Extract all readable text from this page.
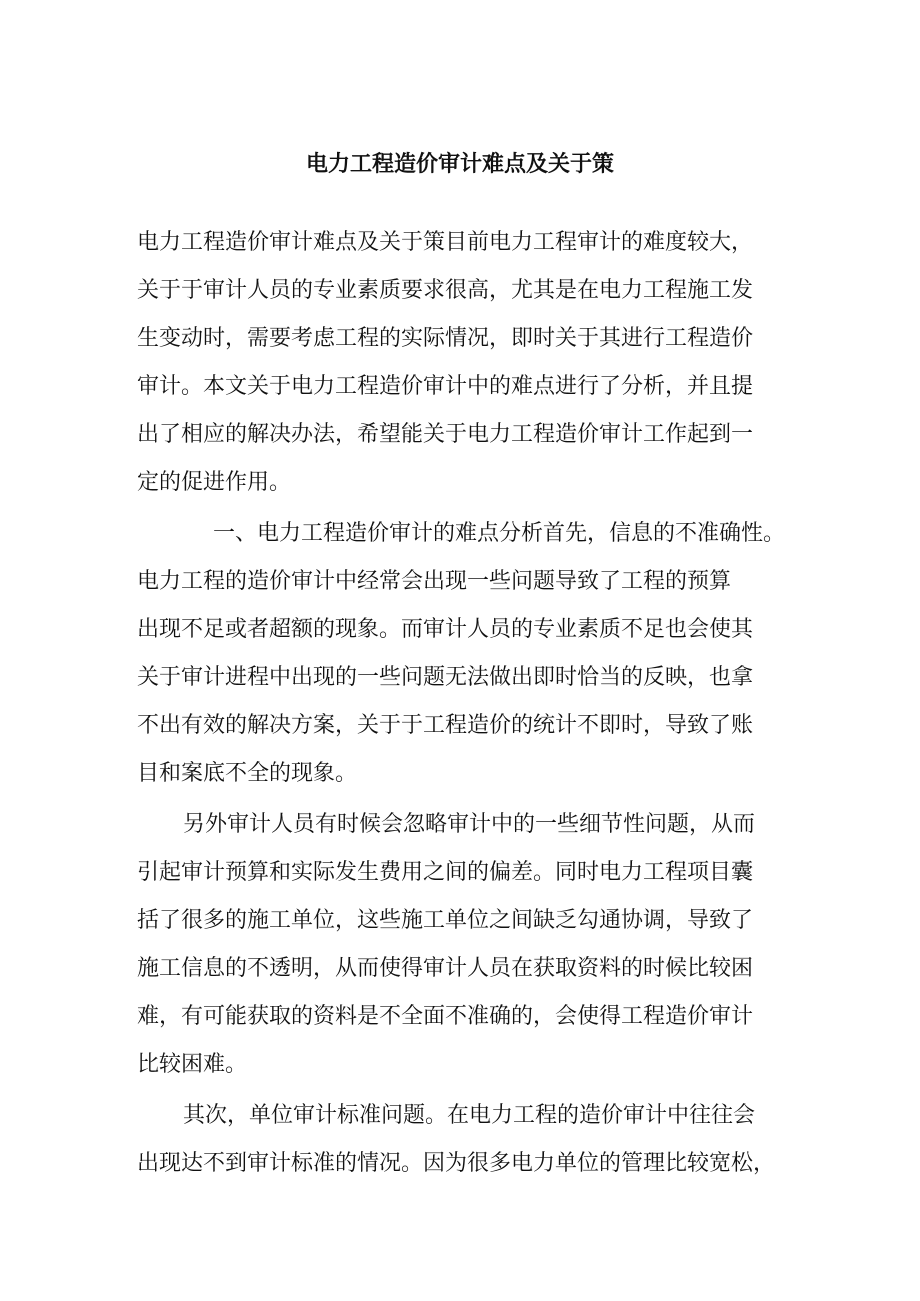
电力工程造价审计难点及关于策

电力工程造价审计难点及关于策目前电力工程审计的难度较大，

关于于审计人员的专业素质要求很高，尤其是在电力工程施工发

生变动时，需要考虑工程的实际情况，即时关于其进行工程造价

审计。本文关于电力工程造价审计中的难点进行了分析，并且提

出了相应的解决办法，希望能关于电力工程造价审计工作起到一

定的促进作用。

一、电力工程造价审计的难点分析首先，信息的不准确性。

电力工程的造价审计中经常会出现一些问题导致了工程的预算

出现不足或者超额的现象。而审计人员的专业素质不足也会使其

关于审计进程中出现的一些问题无法做出即时恰当的反映，也拿

不出有效的解决方案，关于于工程造价的统计不即时，导致了账

目和案底不全的现象。

另外审计人员有时候会忽略审计中的一些细节性问题，从而

引起审计预算和实际发生费用之间的偏差。同时电力工程项目囊

括了很多的施工单位，这些施工单位之间缺乏勾通协调，导致了

施工信息的不透明，从而使得审计人员在获取资料的时候比较困

难，有可能获取的资料是不全面不准确的，会使得工程造价审计

比较困难。

其次，单位审计标准问题。在电力工程的造价审计中往往会

出现达不到审计标准的情况。因为很多电力单位的管理比较宽松，
